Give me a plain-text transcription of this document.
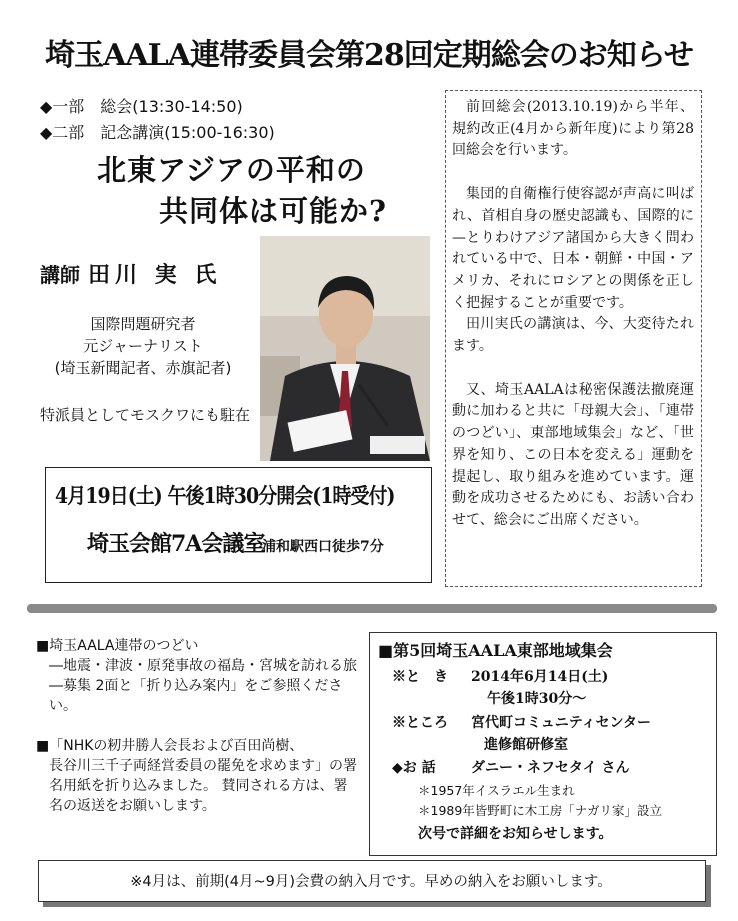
埼玉AALA連帯委員会第28回定期総会のお知らせ
◆一部　総会(13:30-14:50)
◆二部　記念講演(15:00-16:30)
北東アジアの平和の
共同体は可能か?
講師 田川 実 氏
国際問題研究者
元ジャーナリスト
(埼玉新聞記者、赤旗記者)
特派員としてモスクワにも駐在

前回総会(2013.10.19)から半年、規約改正(4月から新年度)により第28回総会を行います。

集団的自衛権行使容認が声高に叫ばれ、首相自身の歴史認識も、国際的に—とりわけアジア諸国から大きく問われている中で、日本・朝鮮・中国・アメリカ、それにロシアとの関係を正しく把握することが重要です。

田川実氏の講演は、今、大変待たれます。

又、埼玉AALAは秘密保護法撤廃運動に加わると共に「母親大会」、「連帯のつどい」、東部地域集会」など、「世界を知り、この日本を変える」運動を提起し、取り組みを進めています。運動を成功させるためにも、お誘い合わせて、総会にご出席ください。

4月19日(土) 午後1時30分開会(1時受付)
埼玉会館7A会議室
浦和駅西口徒歩7分
■埼玉AALA連帯のつどい
―地震・津波・原発事故の福島・宮城を訪れる旅―募集 2面と「折り込み案内」をご参照ください。
■「NHKの籾井勝人会長および百田尚樹、
長谷川三千子両経営委員の罷免を求めます」の署名用紙を折り込みました。 賛同される方は、署名の返送をお願いします。
■第5回埼玉AALA東部地域集会
※と　き 2014年6月14日(土)
午後1時30分～
※ところ 宮代町コミュニティセンター
進修館研修室
◆お 話	ダニー・ネフセタイ さん
＊1957年イスラエル生まれ
＊1989年皆野町に木工房「ナガリ家」設立
次号で詳細をお知らせします。
※4月は、前期(4月~9月)会費の納入月です。早めの納入をお願いします。
